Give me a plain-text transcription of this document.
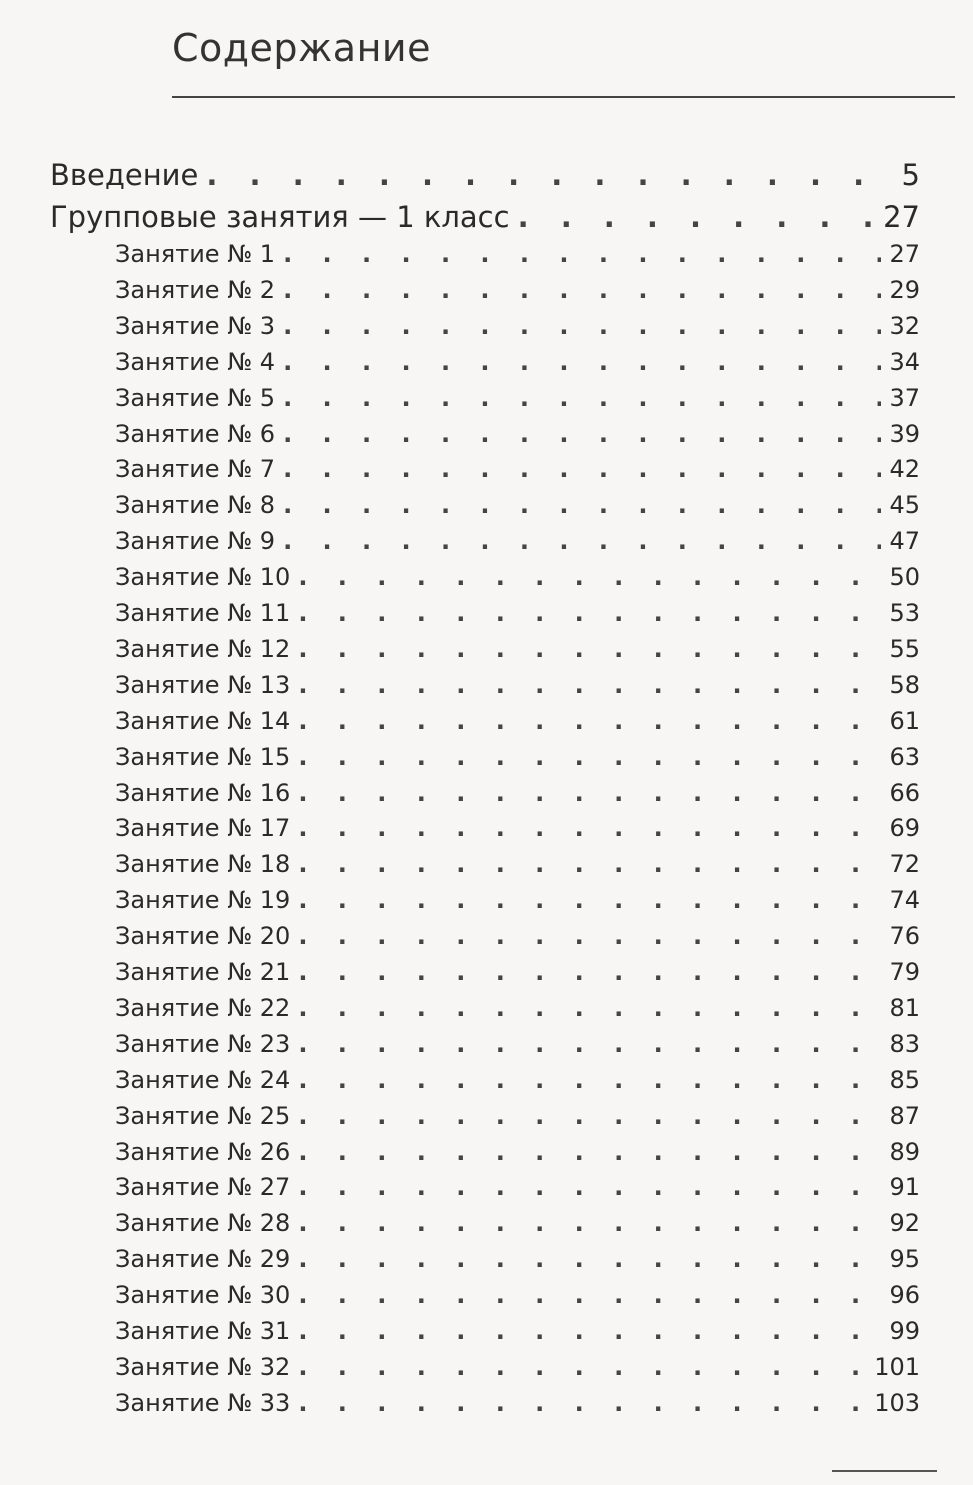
Содержание
Введение . . .	5
Групповые занятия — 1 класс . . .	27
Занятие № 1 . . .	27
Занятие № 2 . . .	29
Занятие № 3 . . .	32
Занятие № 4 . . .	34
Занятие № 5 . . .	37
Занятие № 6 . . .	39
Занятие № 7 . . .	42
Занятие № 8 . . .	45
Занятие № 9 . . .	47
Занятие № 10 . . .	50
Занятие № 11 . . .	53
Занятие № 12 . . .	55
Занятие № 13 . . .	58
Занятие № 14 . . .	61
Занятие № 15 . . .	63
Занятие № 16 . . .	66
Занятие № 17 . . .	69
Занятие № 18 . . .	72
Занятие № 19 . . .	74
Занятие № 20 . . .	76
Занятие № 21 . . .	79
Занятие № 22 . . .	81
Занятие № 23 . . .	83
Занятие № 24 . . .	85
Занятие № 25 . . .	87
Занятие № 26 . . .	89
Занятие № 27 . . .	91
Занятие № 28 . . .	92
Занятие № 29 . . .	95
Занятие № 30 . . .	96
Занятие № 31 . . .	99
Занятие № 32 . . .	101
Занятие № 33 . . .	103
